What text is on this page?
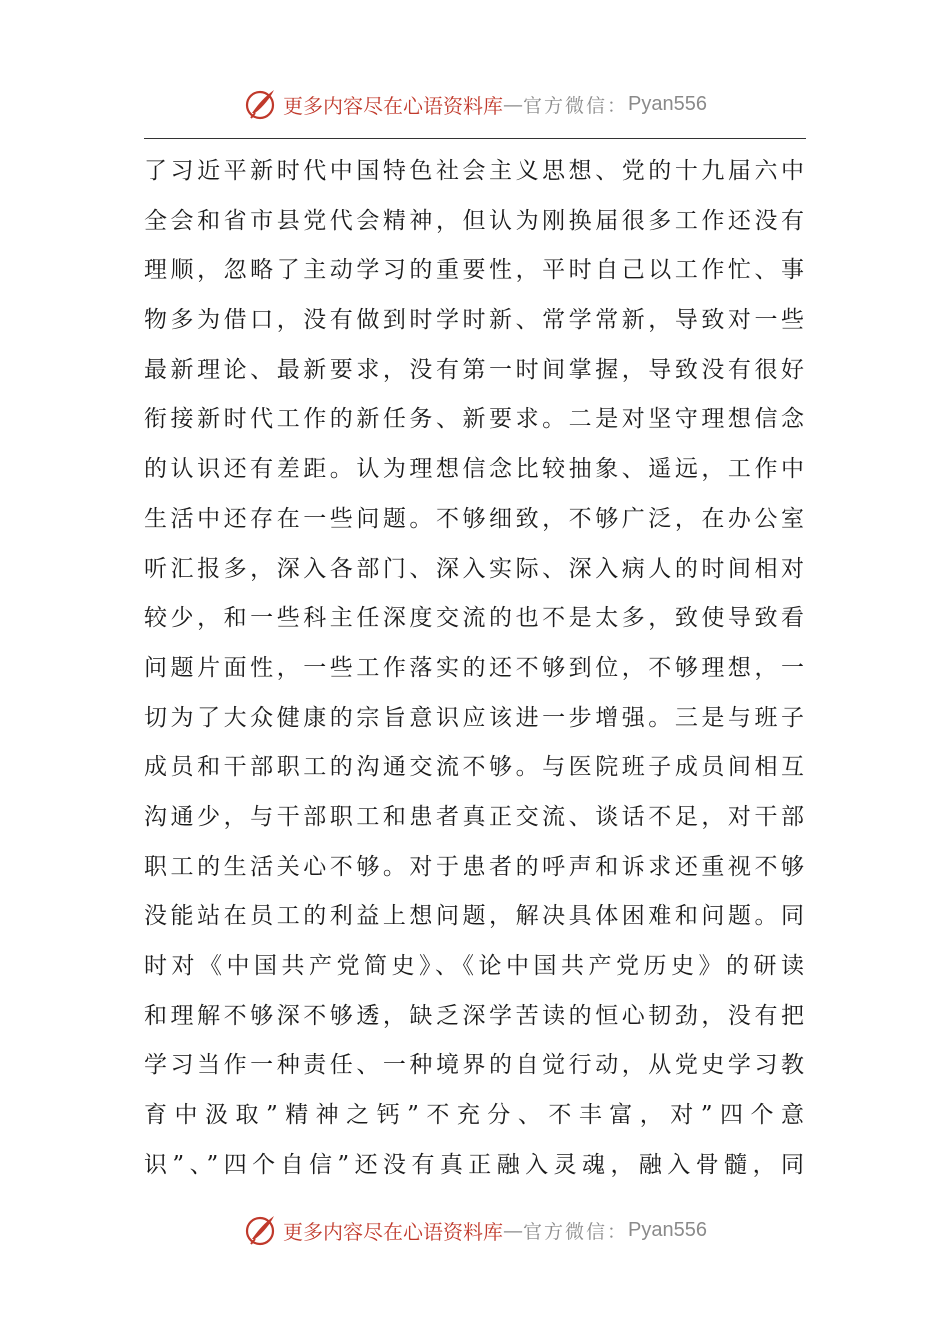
更多内容尽在心语资料库 — 官方微信： Pyan556
了习近平新时代中国特色社会主义思想、党的十九届六中
全会和省市县党代会精神，但认为刚换届很多工作还没有
理顺，忽略了主动学习的重要性，平时自己以工作忙、事
物多为借口，没有做到时学时新、常学常新，导致对一些
最新理论、最新要求，没有第一时间掌握，导致没有很好
衔接新时代工作的新任务、新要求。二是对坚守理想信念
的认识还有差距。认为理想信念比较抽象、遥远，工作中
生活中还存在一些问题。不够细致，不够广泛，在办公室
听汇报多，深入各部门、深入实际、深入病人的时间相对
较少，和一些科主任深度交流的也不是太多，致使导致看
问题片面性，一些工作落实的还不够到位，不够理想，一
切为了大众健康的宗旨意识应该进一步增强。三是与班子
成员和干部职工的沟通交流不够。与医院班子成员间相互
沟通少，与干部职工和患者真正交流、谈话不足，对干部
职工的生活关心不够。对于患者的呼声和诉求还重视不够
没能站在员工的利益上想问题，解决具体困难和问题。同
时对《中国共产党简史》、《论中国共产党历史》的研读
和理解不够深不够透，缺乏深学苦读的恒心韧劲，没有把
学习当作一种责任、一种境界的自觉行动，从党史学习教
育中汲取”精神之钙”不充分、不丰富，对”四个意
识”、”四个自信”还没有真正融入灵魂，融入骨髓，同
更多内容尽在心语资料库 — 官方微信： Pyan556
